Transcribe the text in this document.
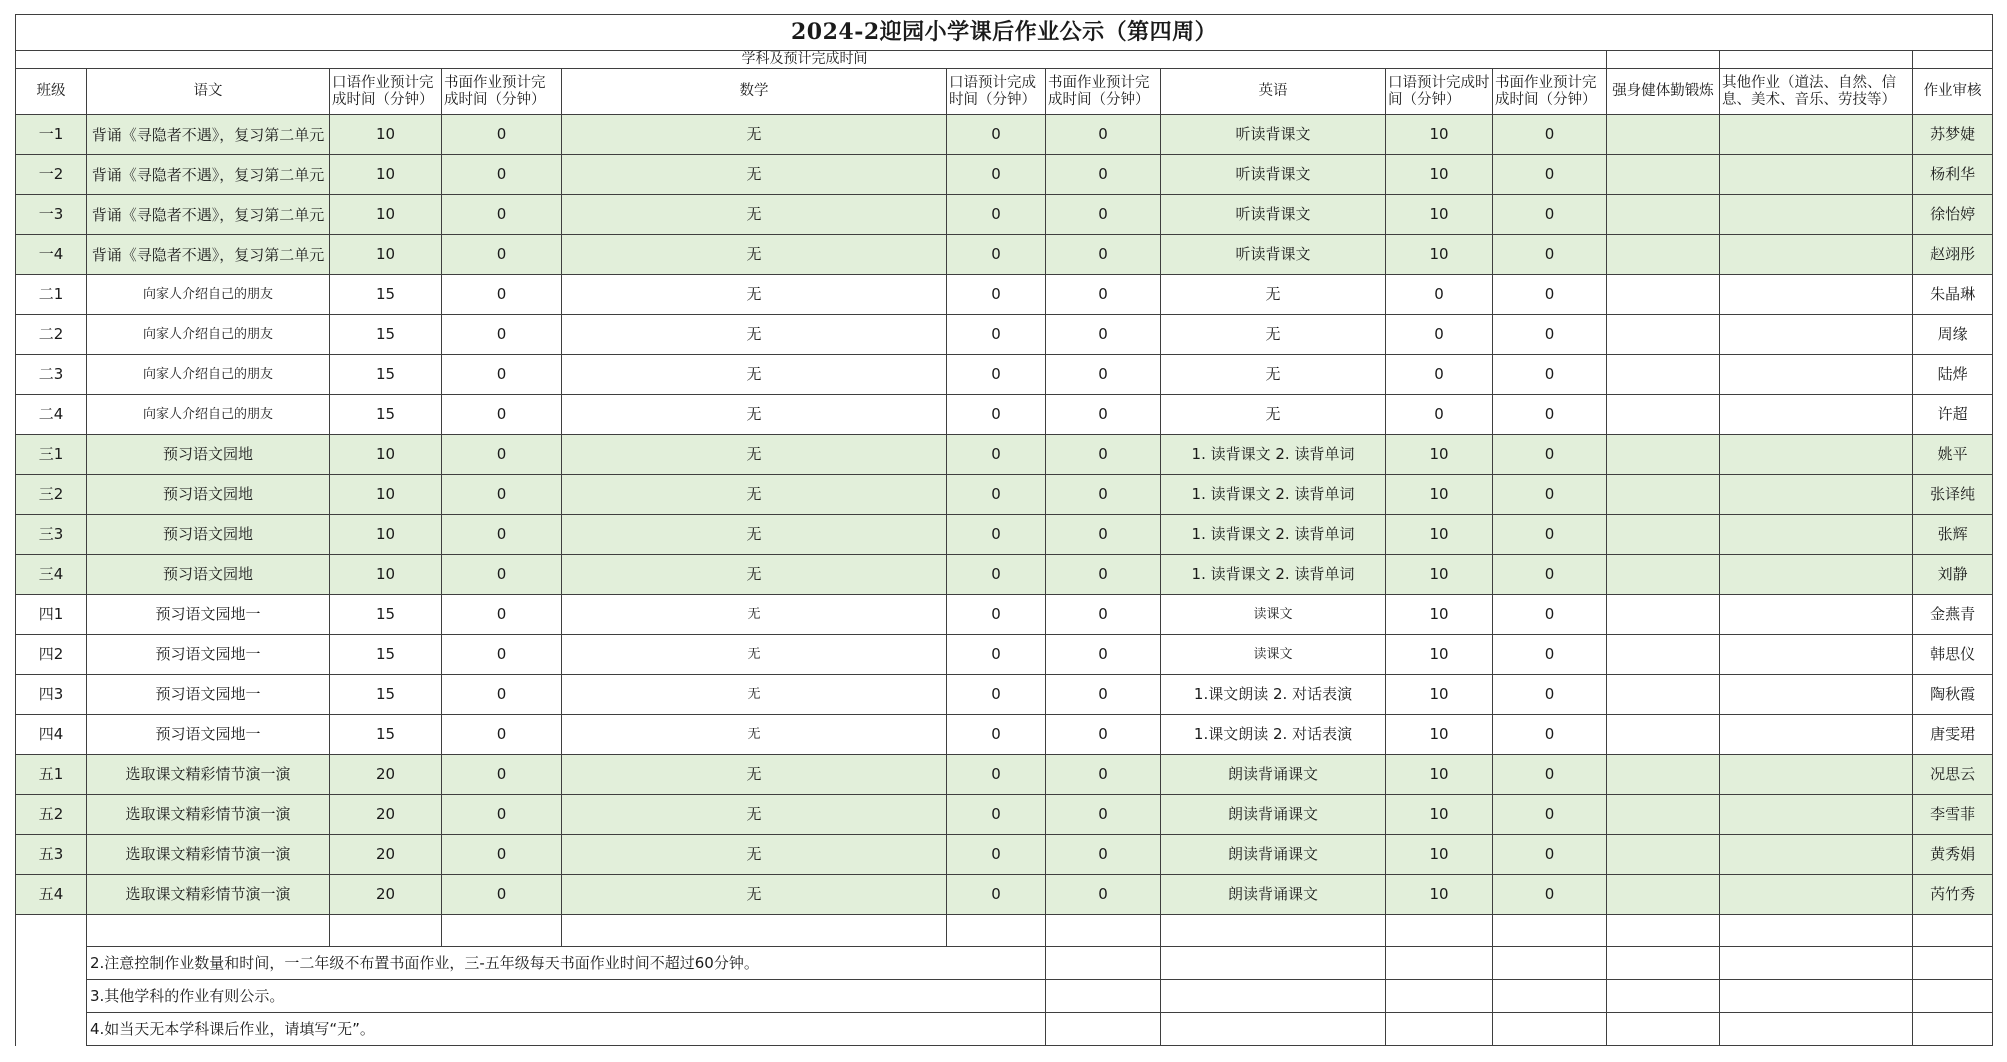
2024-2迎园小学课后作业公示（第四周）												
	学科及预计完成时间											
班级	语文	口语作业预计完成时间（分钟）	书面作业预计完成时间（分钟）	数学	口语预计完成时间（分钟）	书面作业预计完成时间（分钟）	英语	口语预计完成时间（分钟）	书面作业预计完成时间（分钟）	强身健体勤锻炼	其他作业（道法、自然、信息、美术、音乐、劳技等）	作业审核
一1	背诵《寻隐者不遇》，复习第二单元	10	0	无	0	0	听读背课文	10	0			苏梦婕
一2	背诵《寻隐者不遇》，复习第二单元	10	0	无	0	0	听读背课文	10	0			杨利华
一3	背诵《寻隐者不遇》，复习第二单元	10	0	无	0	0	听读背课文	10	0			徐怡婷
一4	背诵《寻隐者不遇》，复习第二单元	10	0	无	0	0	听读背课文	10	0			赵翊彤
二1	向家人介绍自己的朋友	15	0	无	0	0	无	0	0			朱晶琳
二2	向家人介绍自己的朋友	15	0	无	0	0	无	0	0			周缘
二3	向家人介绍自己的朋友	15	0	无	0	0	无	0	0			陆烨
二4	向家人介绍自己的朋友	15	0	无	0	0	无	0	0			许超
三1	预习语文园地	10	0	无	0	0	1. 读背课文 2. 读背单词	10	0			姚平
三2	预习语文园地	10	0	无	0	0	1. 读背课文 2. 读背单词	10	0			张译纯
三3	预习语文园地	10	0	无	0	0	1. 读背课文 2. 读背单词	10	0			张辉
三4	预习语文园地	10	0	无	0	0	1. 读背课文 2. 读背单词	10	0			刘静
四1	预习语文园地一	15	0	无	0	0	读课文	10	0			金燕青
四2	预习语文园地一	15	0	无	0	0	读课文	10	0			韩思仪
四3	预习语文园地一	15	0	无	0	0	1.课文朗读 2. 对话表演	10	0			陶秋霞
四4	预习语文园地一	15	0	无	0	0	1.课文朗读 2. 对话表演	10	0			唐雯珺
五1	选取课文精彩情节演一演	20	0	无	0	0	朗读背诵课文	10	0			况思云
五2	选取课文精彩情节演一演	20	0	无	0	0	朗读背诵课文	10	0			李雪菲
五3	选取课文精彩情节演一演	20	0	无	0	0	朗读背诵课文	10	0			黄秀娟
五4	选取课文精彩情节演一演	20	0	无	0	0	朗读背诵课文	10	0			芮竹秀

	2.注意控制作业数量和时间，一二年级不布置书面作业，三-五年级每天书面作业时间不超过60分钟。											
	3.其他学科的作业有则公示。											
	4.如当天无本学科课后作业，请填写“无”。											
